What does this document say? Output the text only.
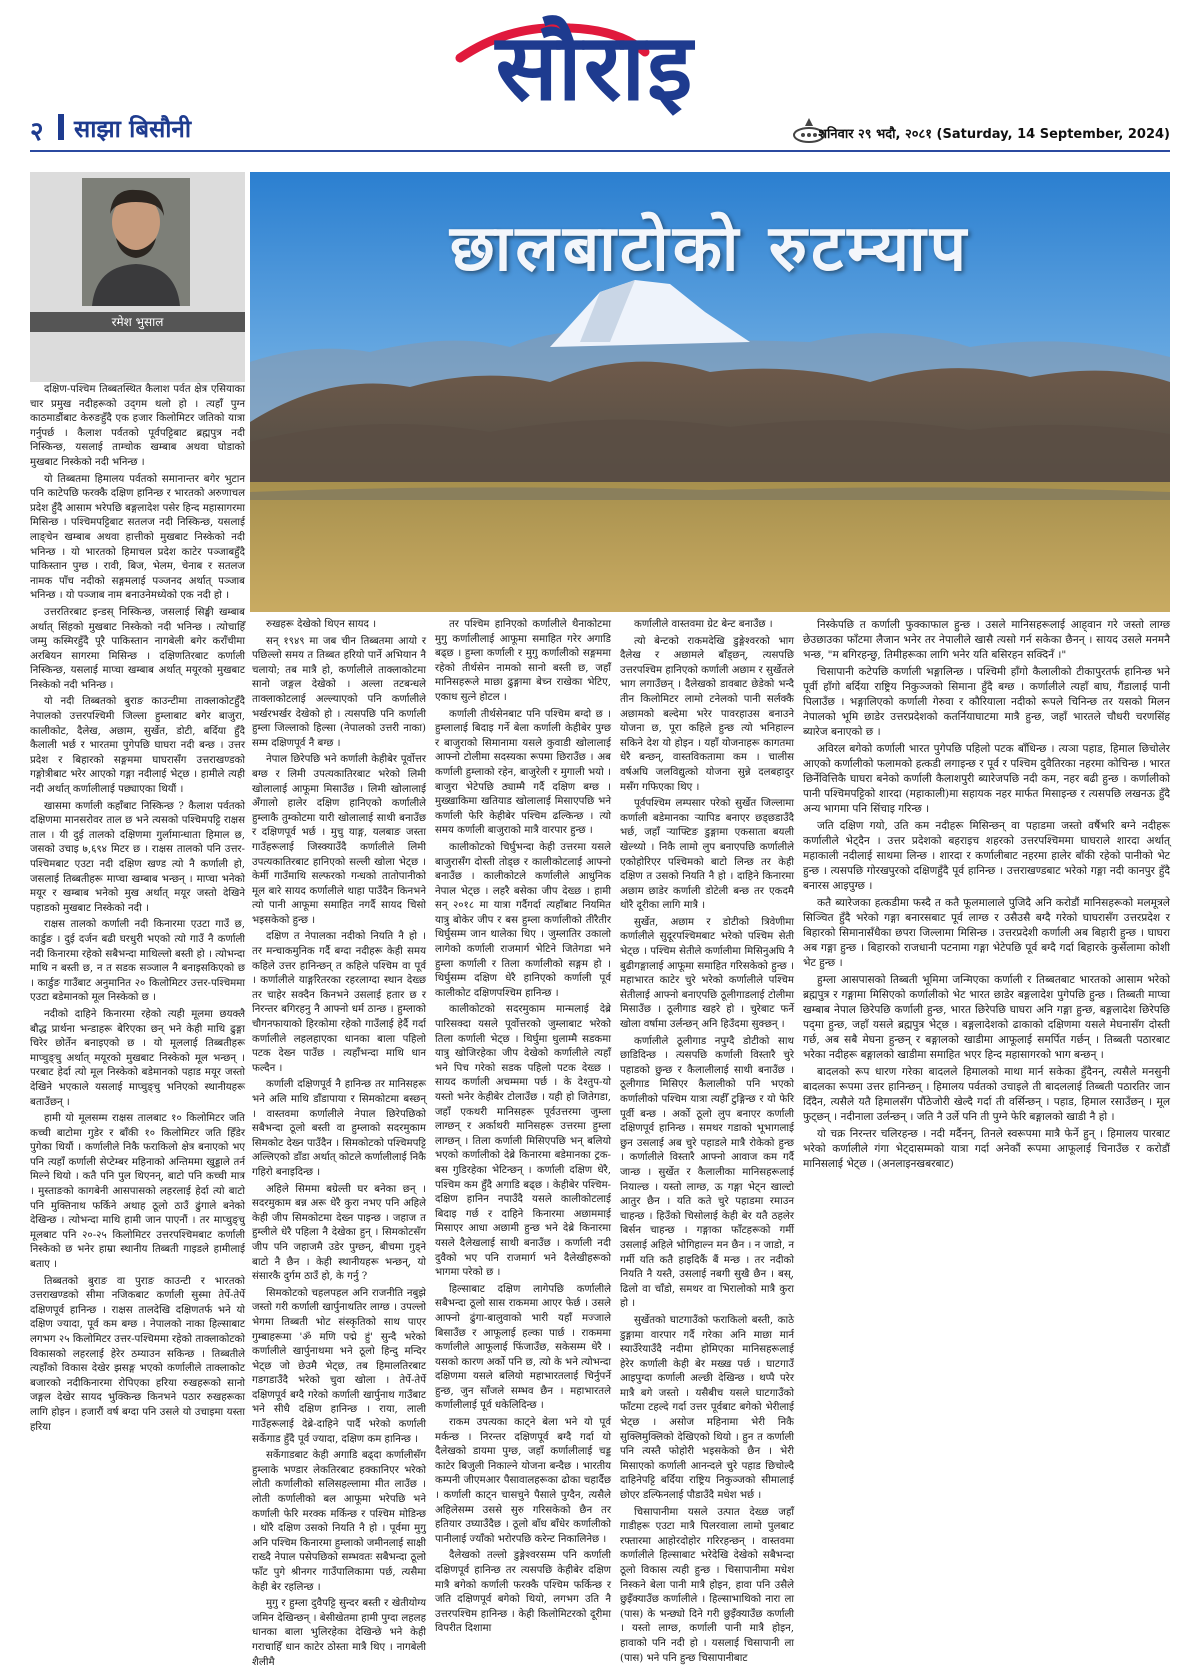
सौराइ
२ साझा बिसौनी	शनिवार २९ भदौ, २०८१ (Saturday, 14 September, 2024)
रमेश भुसाल
छालबाटोको रुटम्याप

दक्षिण-पश्चिम तिब्बतस्थित कैलाश पर्वत क्षेत्र एसियाका चार प्रमुख नदीहरूको उद्‌गम थलो हो । त्यहाँ पुग्न काठमाडौंबाट केरुङहुँदै एक हजार किलोमिटर जतिको यात्रा गर्नुपर्छ । कैलाश पर्वतको पूर्वपट्टिबाट ब्रह्मपुत्र नदी निस्किन्छ, यसलाई ताम्चोक खम्बाब अथवा घोडाको मुखबाट निस्केको नदी भनिन्छ ।

यो तिब्बतमा हिमालय पर्वतको समानान्तर बगेर भुटान पनि काटेपछि फरक्कै दक्षिण हानिन्छ र भारतको अरुणाचल प्रदेश हुँदै आसाम भरेपछि बङ्गलादेश पसेर हिन्द महासागरमा मिसिन्छ । पश्चिमपट्टिबाट सतलज नदी निस्किन्छ, यसलाई लाङ्चेन खम्बाब अथवा हात्तीको मुखबाट निस्केको नदी भनिन्छ । यो भारतको हिमाचल प्रदेश काटेर पञ्जाबहुँदै पाकिस्तान पुग्छ । रावी, बिज, भेलम, चेनाब र सतलज नामक पाँच नदीको सङ्गमलाई पञ्जनद अर्थात् पञ्जाब भनिन्छ । यो पञ्जाब नाम बनाउनेमध्येको एक नदी हो ।

उत्तरतिरबाट इन्डस् निस्किन्छ, जसलाई सिङ्घी खम्बाब अर्थात् सिंहको मुखबाट निस्केको नदी भनिन्छ । त्योचाहिँ जम्मु कस्मिरहुँदै पूरै पाकिस्तान नागबेली बगेर कराँचीमा अरबियन सागरमा मिसिन्छ । दक्षिणतिरबाट कर्णाली निस्किन्छ, यसलाई माप्चा खम्बाब अर्थात् मयूरको मुखबाट निस्केको नदी भनिन्छ ।

यो नदी तिब्बतको बुराङ काउन्टीमा ताक्लाकोटहुँदै नेपालको उत्तरपश्चिमी जिल्ला हुम्लाबाट बगेर बाजुरा, कालीकोट, दैलेख, अछाम, सुर्खेत, डोटी, बर्दिया हुँदै कैलाली भर्छ र भारतमा पुगेपछि घाघरा नदी बन्छ । उत्तर प्रदेश र बिहारको सङ्गममा घाघरासँग उत्तराखण्डको गङ्गोत्रीबाट भरेर आएको गङ्गा नदीलाई भेट्छ । हामीले त्यही नदी अर्थात् कर्णालीलाई पछ्याएका थियौं ।

खासमा कर्णाली कहाँबाट निस्किन्छ ? कैलाश पर्वतको दक्षिणमा मानसरोवर ताल छ भने त्यसको पश्चिमपट्टि राक्षस ताल । यी दुई तालको दक्षिणमा गुर्लामान्धाता हिमाल छ, जसको उचाइ ७,६९४ मिटर छ । राक्षस तालको पनि उत्तर-पश्चिमबाट एउटा नदी दक्षिण खण्ड त्यो नै कर्णाली हो, जसलाई तिब्बतीहरू माप्चा खम्बाब भन्छन् । माप्चा भनेको मयूर र खम्बाब भनेको मुख अर्थात् मयूर जस्तो देखिने पहाडको मुखबाट निस्केको नदी ।

राक्षस तालको कर्णाली नदी किनारमा एउटा गाउँ छ, कार्डुङ । दुई दर्जन बढी घरधुरी भएको त्यो गाउँ नै कर्णाली नदी किनारमा रहेको सबैभन्दा माथिल्लो बस्ती हो । त्योभन्दा माथि न बस्ती छ, न त सडक सञ्जाल नै बनाइसकिएको छ । कार्डुङ गाउँबाट अनुमानित २० किलोमिटर उत्तर-पश्चिममा एउटा बडेमानको मूल निस्केको छ ।

नदीको दाहिने किनारमा रहेको त्यही मूलमा छयक्लै बौद्ध प्रार्थना भन्डाहरू बेरिएका छन् भने केही माथि ढुङ्गा चिरेर छोर्तेन बनाइएको छ । यो मूललाई तिब्बतीहरू माप्चुङ्चु अर्थात् मयूरको मुखबाट निस्केको मूल भन्छन् । परबाट हेर्दा त्यो मूल निस्केको बडेमानको पहाड मयूर जस्तो देखिने भएकाले यसलाई माप्चुङ्चु भनिएको स्थानीयहरू बताउँछन् ।

हामी यो मूलसम्म राक्षस तालबाट १० किलोमिटर जति कच्ची बाटोमा गुडेर र बाँकी १० किलोमिटर जति हिँडेर पुगेका थियौं । कर्णालीले निकै फराकिलो क्षेत्र बनाएको भए पनि त्यहाँ कर्णाली सेप्टेम्बर महिनाको अन्तिममा खुड्डाले तर्न मिल्ने थियो । कतै पनि पुल थिएनन्, बाटो पनि कच्ची मात्र । मुस्ताङको कागबेनी आसपासको लहरलाई हेर्दा त्यो बाटो पनि मुक्तिनाथ फर्किने अथाह ठूलो ठाउँ ढुंगाले बनेको देखिन्छ । त्योभन्दा माथि हामी जान पाएनौं । तर माप्चुङ्चु मूलबाट पनि २०-२५ किलोमिटर उत्तरपश्चिमबाट कर्णाली निस्केको छ भनेर हाम्रा स्थानीय तिब्बती गाइडले हामीलाई बताए ।

तिब्बतको बुराङ वा पुराङ काउन्टी र भारतको उत्तराखण्डको सीमा नजिकबाट कर्णाली सुस्मा तेर्पे-तेर्पे दक्षिणपूर्व हानिन्छ । राक्षस तालदेखि दक्षिणतर्फ भने यो दक्षिण ज्यादा, पूर्व कम बग्छ । नेपालको नाका हिल्साबाट लगभग २५ किलोमिटर उत्तर-पश्चिममा रहेको ताक्लाकोटको विकासको लहरलाई हेरेर ठम्याउन सकिन्छ । तिब्बतीले त्यहाँको विकास देखेर झसङ्ग भएको कर्णालीले ताक्लाकोट बजारको नदीकिनारमा रोपिएका हरिया रुखहरूको सानो जङ्गल देखेर सायद भुक्किन्छ किनभने पठार रुखहरूका लागि होइन । हजारौं वर्ष बग्दा पनि उसले यो उचाइमा यस्ता हरिया

रुखहरू देखेको थिएन सायद ।

सन् १९४९ मा जब चीन तिब्बतमा आयो र पछिल्लो समय त तिब्बत हरियो पार्ने अभियान नै चलायो; तब मात्रै हो, कर्णालीले ताक्लाकोटमा सानो जङ्गल देखेको । अल्ला तटबन्धले ताक्लाकोटलाई अल्ल्याएको पनि कर्णालीले भर्खरभर्खर देखेको हो । त्यसपछि पनि कर्णाली हुम्ला जिल्लाको हिल्सा (नेपालको उत्तरी नाका) सम्म दक्षिणपूर्व नै बग्छ ।

नेपाल छिरेपछि भने कर्णाली केहीबेर पूर्वोत्तर बग्छ र लिमी उपत्यकातिरबाट भरेको लिमी खोलालाई आफूमा मिसाउँछ । लिमी खोलालाई अँगालो हालेर दक्षिण हानिएको कर्णालीले हुम्लाकै तुम्कोटमा यारी खोलालाई साथी बनाउँछ र दक्षिणपूर्व भर्छ । मुचु याङ्ग, यलबाङ जस्ता गाउँहरूलाई जिस्क्याउँदै कर्णालीले लिमी उपत्यकातिरबाट हानिएको सल्ली खोला भेट्छ । केर्मी गाउँमाथि सल्फरको गन्धको तातोपानीको मूल बारे सायद कर्णालीले थाहा पाउँदैन किनभने त्यो पानी आफूमा समाहित नगर्दै सायद चिसो भइसकेको हुन्छ ।

दक्षिण त नेपालका नदीको नियति नै हो । तर मन्चाकमुनिक गर्दै बग्दा नदीहरू केही समय कहिले उत्तर हानिन्छन् त कहिले पश्चिम वा पूर्व । कर्णालीले याङ्गरितरका रहरलाग्दा स्थान देख्छ तर चाहेर सक्दैन किनभने उसलाई हतार छ र निरन्तर बगिरहनु नै आफ्नो धर्म ठान्छ । हुम्लाको चौगनफायाको हिरकोमा रहेको गाउँलाई हेर्दै गर्दा कर्णालीले लहलहाएका धानका बाला पहिलो पटक देख्न पाउँछ । त्यहाँभन्दा माथि धान फल्दैन ।

कर्णाली दक्षिणपूर्व नै हानिन्छ तर मानिसहरू भने अलि माथि डाँडापाया र सिमकोटमा बस्छन् । वास्तवमा कर्णालीले नेपाल छिरेपछिको सबैभन्दा ठूलो बस्ती वा हुम्लाको सदरमुकाम सिमकोट देख्न पाउँदैन । सिमकोटको पश्चिमपट्टि अल्लिएको डाँडा अर्थात् कोटले कर्णालीलाई निकै गहिरो बनाइदिन्छ ।

अहिले सिममा बग्रेल्ती घर बनेका छन् । सदरमुकाम बन्न अरू धेरै कुरा नभए पनि अहिले केही जीप सिमकोटमा देख्न पाइन्छ । जहाज त हुम्लीले धेरै पहिला नै देखेका हुन् । सिमकोटसँग जीप पनि जहाजमै उडेर पुग्छन्, बीचमा गुड्ने बाटो नै छैन । केही स्थानीयहरू भन्छन्, यो संसारकै दुर्गम ठाउँ हो, के गर्नु ?

सिमकोटको चहलपहल अनि राजनीति नबुझे जस्तो गरी कर्णाली खार्पुनाथतिर लाग्छ । उपल्लो भेगमा तिब्बती भोट संस्कृतिको साथ पाएर गुम्बाहरूमा 'ॐ मणि पद्मे हुं' सुन्दै भरेको कर्णालीले खार्पुनाथमा भने ठूलो हिन्दु मन्दिर भेट्छ जो छेउमै भेट्छ, तब हिमालतिरबाट गडगडाउँदै भरेको चुवा खोला । तेर्पे-तेर्पे दक्षिणपूर्व बग्दै गरेको कर्णाली खार्पुनाथ गाउँबाट भने सीधै दक्षिण हानिन्छ । राया, लाली गाउँहरूलाई देब्रे-दाहिने पार्दै भरेको कर्णाली सर्केगाड हुँदै पूर्व ज्यादा, दक्षिण कम हानिन्छ ।

सर्केगाडबाट केही अगाडि बढ्दा कर्णालीसँग हुम्लाके भण्डार लेकतिरबाट हक्कानिएर भरेको लोती कर्णालीको सलिसहल्लामा मीत लाउँछ । लोती कर्णालीको बल आफूमा भरेपछि भने कर्णाली फेरि मरक्क मर्किन्छ र पश्चिम मोडिन्छ । थोरै दक्षिण उसको नियति नै हो । पूर्वमा मुगु अनि पश्चिम किनारमा हुम्लाको जमीनलाई साक्षी राख्दै नेपाल पसेपछिको सम्भवतः सबैभन्दा ठूलो फाँट पुगे श्रीनगर गाउँपालिकामा पर्छ, त्यसैमा केही बेर रहलिन्छ ।

मुगु र हुम्ला दुवैपट्टि सुन्दर बस्ती र खेतीयोग्य जमिन देखिन्छन् । बेसीखेतमा हामी पुग्दा लहलह धानका बाला भुलिरहेका देखिन्छे भने केही गराचाहिँ धान काटेर ठोस्ता मात्रै थिए । नागबेली शैलीमै

तर पश्चिम हानिएको कर्णालीले थैनाकोटमा मुगु कर्णालीलाई आफूमा समाहित गरेर अगाडि बढ्छ । हुम्ला कर्णाली र मुगु कर्णालीको सङ्गममा रहेको तीर्थसेन नामको सानो बस्ती छ, जहाँ मानिसहरूले माछा ढुङ्गामा बेच्न राखेका भेटिए, एकाध सुत्ने होटल ।

कर्णाली तीर्थसेनबाट पनि पश्चिम बग्दो छ । हुम्लालाई बिदाइ गर्ने बेला कर्णाली केहीबेर पुग्छ र बाजुराको सिमानामा यसले कुवाडी खोलालाई आफ्नो टोलीमा सदस्यका रूपमा छिराउँछ । अब कर्णाली हुम्लाको रहेन, बाजुरेली र मुगाली भयो । बाजुरा भेटेपछि ठ्याम्मै गर्दै दक्षिण बग्छ । मुख्खाकिमा खतियाड खोलालाई मिसाएपछि भने कर्णाली फेरि केहीबेर पश्चिम ढल्किन्छ । त्यो समय कर्णाली बाजुराको मात्रै वारपार हुन्छ ।

कालीकोटको चिर्घुभन्दा केही उत्तरमा यसले बाजुरासँग दोस्ती तोड्छ र कालीकोटलाई आफ्नो बनाउँछ । कालीकोटले कर्णालीले आधुनिक नेपाल भेट्छ । लहरै बसेका जीप देख्छ । हामी सन् २०१८ मा यात्रा गर्दैगर्दा त्यहाँबाट नियमित यात्रु बोकेर जीप र बस हुम्ला कर्णालीको तीरैतीर थिर्घुसम्म जान थालेका थिए । जुम्लातिर उकालो लागेको कर्णाली राजमार्ग भेटिने जितेगडा भने हुम्ला कर्णाली र तिला कर्णालीको सङ्गम हो । थिर्घुसम्म दक्षिण धेरै हानिएको कर्णाली पूर्व कालीकोट दक्षिणपश्चिम हानिन्छ ।

कालीकोटको सदरमुकाम मान्मलाई देब्रे पारिसक्दा यसले पूर्वोत्तरको जुम्लाबाट भरेको तिला कर्णाली भेट्छ । थिर्घुमा धुलाम्मै सडकमा यात्रु खोजिरहेका जीप देखेको कर्णालीले त्यहाँ भने पिच गरेको सडक पहिलो पटक देख्छ । सायद कर्णाली अचम्ममा पर्छ । के देश्तुप-यो यस्तो भनेर केहीबेर टोलाउँछ । यही हो जितेगडा, जहाँ एकथरी मानिसहरू पूर्वउत्तरमा जुम्ला लाग्छन् र अर्काथरी मानिसहरू उत्तरमा हुम्ला लाग्छन् । तिला कर्णाली मिसिएपछि भन् बलियो भएको कर्णालीको देब्रे किनारमा बडेमानका ट्रक-बस गुडिरहेका भेटिन्छन् । कर्णाली दक्षिण धेरै, पश्चिम कम हुँदै अगाडि बढ्छ । केहीबेर पश्चिम-दक्षिण हानिन नपाउँदै यसले कालीकोटलाई बिदाइ गर्छ र दाहिने किनारमा अछाममाई मिसाएर आधा अछामी हुन्छ भने देब्रे किनारमा यसले दैलेखलाई साथी बनाउँछ । कर्णाली नदी दुवैको भए पनि राजमार्ग भने दैलेखीहरूको भागमा परेको छ ।

हिल्साबाट दक्षिण लागेपछि कर्णालीले सबैभन्दा ठूलो सास राकममा आएर फेर्छ । उसले आफ्नो ढुंगा-बालुवाको भारी यहाँ मज्जाले बिसाउँछ र आफूलाई हल्का पार्छ । राकममा कर्णालीले आफूलाई फिंजाउँछ, सकेसम्म धेरै । यसको कारण अर्को पनि छ, त्यो के भने त्योभन्दा दक्षिणमा यसले बलियो महाभारतलाई चिर्नुपर्ने हुन्छ, जुन साँजले सम्भव छैन । महाभारतले कर्णालीलाई पूर्व धकेलिदिन्छ ।

राकम उपत्यका काट्ने बेला भने यो पूर्व मर्कन्छ । निरन्तर दक्षिणपूर्व बग्दै गर्दा यो दैलेखको डायमा पुग्छ, जहाँ कर्णालीलाई चड्ड काटेर बिजुली निकाल्ने योजना बन्दैछ । भारतीय कम्पनी जीएमआर पैसावालहरूका ढोका चहार्दैछ । कर्णाली काट्न चासचुने पैसाले पुग्दैन, त्यसैले अहिलेसम्म उससे सुरु गरिसकेको छैन तर हतियार उघ्याउँदैछ । ठूलो बाँध बाँधेर कर्णालीको पानीलाई ज्याँको भरोरपछि करेन्ट निकालिनेछ ।

दैलेखको तल्लो डुङ्गेश्वरसम्म पनि कर्णाली दक्षिणपूर्व हानिन्छ तर त्यसपछि केहीबेर दक्षिण मात्रै बगेको कर्णाली फरक्कै पश्चिम फर्किन्छ र जति दक्षिणपूर्व बगेको थियो, लगभग उति नै उत्तरपश्चिम हानिन्छ । केही किलोमिटरको दूरीमा विपरीत दिशामा

कर्णालीले वास्तवमा ग्रेट बेन्ट बनाउँछ ।

त्यो बेन्टको राकमदेखि डुङ्गेश्वरको भाग दैलेख र अछामले बाँड्छन्, त्यसपछि उत्तरपश्चिम हानिएको कर्णाली अछाम र सुर्खेतले भाग लगाउँछन् । दैलेखको डावबाट छेडेको भन्दै तीन किलोमिटर लामो टनेलको पानी सर्लक्कै अछामको बल्देमा भरेर पावरहाउस बनाउने योजना छ, पूरा कहिले हुन्छ त्यो भनिहाल्न सकिने देश यो होइन । यहाँ योजनाहरू कागतमा धेरै बन्छन्, वास्तविकतामा कम । चालीस वर्षअघि जलविद्युत्को योजना सुन्ने दलबहादुर मसँग गफिएका थिए ।

पूर्वपश्चिम लम्पसार परेको सुर्खेत जिल्लामा कर्णाली बडेमानका ऱ्यापिड बनाएर छड्‍छडाउँदै भर्छ, जहाँ ऱ्याफ्टिङ डुङ्गामा एकसाता बयली खेल्थ्यो । निकै लामो लुप बनाएपछि कर्णालीले एकोहोरिएर पश्चिमको बाटो लिन्छ तर केही दक्षिण त उसको नियति नै हो । दाहिने किनारमा अछाम छाडेर कर्णाली डोटेली बन्छ तर एकदमै थोरै दूरीका लागि मात्रै ।

सुर्खेत, अछाम र डोटीको त्रिवेणीमा कर्णालीले सुदूरपश्चिमबाट भरेको पश्चिम सेती भेट्छ । पश्चिम सेतीले कर्णालीमा मिसिनुअघि नै बुढीगङ्गालाई आफूमा समाहित गरिसकेको हुन्छ । महाभारत काटेर चुरे भरेको कर्णालीले पश्चिम सेतीलाई आफ्नो बनाएपछि ठूलीगाडलाई टोलीमा मिसाउँछ । ठूलीगाड खहरे हो । चुरेबाट फर्ने खोला वर्षामा उर्लन्छन् अनि हिउँदमा सुक्छन् ।

कर्णालीले ठूलीगाड नपुग्दै डोटीको साथ छाडिदिन्छ । त्यसपछि कर्णाली विस्तारै चुरे पहाडको छुन्छ र कैलालीलाई साथी बनाउँछ । ठूलीगाड मिसिएर कैलालीको पनि भएको कर्णालीको पश्चिम यात्रा त्यहीँ टुङ्गिन्छ र यो फेरि पूर्वी बन्छ । अर्को ठूलो लुप बनाएर कर्णाली दक्षिणपूर्व हानिन्छ । समथर गडाको भूभागलाई छुन उसलाई अब चुरे पहाडले मात्रै रोकेको हुन्छ । कर्णालीले विस्तारै आफ्नो आवाज कम गर्दै जान्छ । सुर्खेत र कैलालीका मानिसहरूलाई नियाल्छ । यस्तो लाग्छ, ऊ गङ्गा भेट्न खाल्टो आतुर छैन । यति कते चुरे पहाडमा रमाउन चाहन्छ । हिउँको चिसोलाई केही बेर यतै ठहलेर बिर्सन चाहन्छ । गङ्गाका फाँटहरूको गर्मी उसलाई अहिले भोगिहाल्न मन छैन । न जाडो, न गर्मी यति कतै हाइदिकैं बैं मन्छ । तर नदीको नियति नै यस्तै, उसलाई नबगी सुखै छैन । बस्, ढिलो वा चाँडो, समथर वा भिरालोको मात्रै कुरा हो ।

सुर्खेतको घाटगाउँको फराकिलो बस्ती, काठे डुङ्गामा वारपार गर्दै गरेका अनि माछा मार्न स्याउँरेयाउँदै नदीमा होमिएका मानिसहरूलाई हेरेर कर्णाली केही बेर मख्ख पर्छ । घाटगाउँ आइपुग्दा कर्णाली अल्छी देखिन्छ । थप्पै परेर मात्रै बगे जस्तो । यसैबीच यसले घाटगाउँको फाँटमा टहल्दे गर्दा उत्तर पूर्वबाट बगेको भेरीलाई भेट्छ । असोज महिनामा भेरी निकै सुक्लिमुक्लिको देखिएको थियो । हुन त कर्णाली पनि त्यस्तै फोहोरी भइसकेको छैन । भेरी मिसाएको कर्णाली आनन्दले चुरे पहाड छिचोल्दै दाहिनेपट्टि बर्दिया राष्ट्रिय निकुञ्जको सीमालाई छोएर डल्फिनलाई पौडाउँदै मधेश भर्छ ।

चिसापानीमा यसले उत्पात देख्छ जहाँ गाडीहरू एउटा मात्रै पिलरवाला लामो पुलबाट रफ्तारमा आहोरदोहोर गरिरहन्छन् । वास्तवमा कर्णालीले हिल्साबाट भरेदेखि देखेको सबैभन्दा ठूलो विकास त्यही हुन्छ । चिसापानीमा मधेश निस्कने बेला पानी मात्रै होइन, हावा पनि उसैले छुइँक्याउँछ कर्णालीले । हिल्साभाथिको नारा ला (पास) के भन्छ्यो दिने गरी छुइँक्याउँछ कर्णाली । यस्तो लाग्छ, कर्णाली पानी मात्रै होइन, हावाको पनि नदी हो । यसलाई चिसापानी ला (पास) भने पनि हुन्छ चिसापानीबाट

निस्केपछि त कर्णाली फुक्काफाल हुन्छ । उसले मानिसहरूलाई आह्‌वान गरे जस्तो लाग्छ छेउछाउका फाँटमा लैजान भनेर तर नेपालीले खासै त्यसो गर्न सकेका छैनन् । सायद उसले मनमनै भन्छ, "म बगिरहन्छु, तिमीहरूका लागि भनेर यति बसिरहन सक्दिनँ ।"

चिसापानी कटेपछि कर्णाली भङ्गालिन्छ । पश्चिमी हाँगो कैलालीको टीकापुरतर्फ हानिन्छ भने पूर्वी हाँगो बर्दिया राष्ट्रिय निकुञ्जको सिमाना हुँदै बग्छ । कर्णालीले त्यहाँ बाघ, गैंडालाई पानी पिलाउँछ । भङ्गालिएको कर्णाली गेरुवा र कौरियाला नदीको रूपले चिनिन्छ तर यसको मिलन नेपालको भूमि छाडेर उत्तरप्रदेशको कतर्नियाघाटमा मात्रै हुन्छ, जहाँ भारतले चौधरी चरणसिंह ब्यारेज बनाएको छ ।

अविरल बगेको कर्णाली भारत पुगेपछि पहिलो पटक बाँधिन्छ । त्यञा पहाड, हिमाल छिचोलेर आएको कर्णालीको फलामको हत्कडी लगाइन्छ र पूर्व र पश्चिम दुवैतिरका नहरमा कोचिन्छ । भारत छिर्नेवित्तिकै घाघरा बनेको कर्णाली कैलाशपुरी ब्यारेजपछि नदी कम, नहर बढी हुन्छ । कर्णालीको पानी पश्चिमपट्टिको शारदा (महाकाली)मा सहायक नहर मार्फत मिसाइन्छ र त्यसपछि लखनऊ हुँदै अन्य भागमा पनि सिंचाइ गरिन्छ ।

जति दक्षिण गयो, उति कम नदीहरू मिसिन्छन् वा पहाडमा जस्तो वर्षैभरि बग्ने नदीहरू कर्णालीले भेट्दैन । उत्तर प्रदेशको बहराइच शहरको उत्तरपश्चिममा घाघराले शारदा अर्थात् महाकाली नदीलाई साथमा लिन्छ । शारदा र कर्णालीबाट नहरमा हालेर बाँकी रहेको पानीको भेट हुन्छ । त्यसपछि गोरखपुरको दक्षिणहुँदै पूर्व हानिन्छ । उत्तराखण्डबाट भरेको गङ्गा नदी कानपुर हुँदै बनारस आइपुग्छ ।

कतै ब्यारेजका हत्कडीमा फस्दै त कतै फूलमालाले पुजिदै अनि करोडौं मानिसहरूको मलमूत्रले सिञ्चित हुँदै भरेको गङ्गा बनारसबाट पूर्व लाग्छ र उसैउसै बग्दै गरेको घाघरासँग उत्तरप्रदेश र बिहारको सिमानासँधैका छपरा जिल्लामा मिसिन्छ । उत्तरप्रदेशी कर्णाली अब बिहारी हुन्छ । घाघरा अब गङ्गा हुन्छ । बिहारको राजधानी पटनामा गङ्गा भेटेपछि पूर्व बग्दै गर्दा बिहारके कुर्सेलामा कोशी भेट हुन्छ ।

हुम्ला आसपासको तिब्बती भूमिमा जन्मिएका कर्णाली र तिब्बतबाट भारतको आसाम भरेको ब्रह्मपुत्र र गङ्गामा मिसिएको कर्णालीको भेट भारत छाडेर बङ्गलादेश पुगेपछि हुन्छ । तिब्बती माप्चा खम्बाब नेपाल छिरेपछि कर्णाली हुन्छ, भारत छिरेपछि घाघरा अनि गङ्गा हुन्छ, बङ्गलादेश छिरेपछि पद्‌मा हुन्छ, जहाँ यसले ब्रह्मपुत्र भेट्छ । बङ्गलादेशको ढाकाको दक्षिणमा यसले मेघनासँग दोस्ती गर्छ, अब सबै मेघना हुन्छन् र बङ्गालको खाडीमा आफूलाई समर्पित गर्छन् । तिब्बती पठारबाट भरेका नदीहरू बङ्गालको खाडीमा समाहित भएर हिन्द महासागरको भाग बन्छन् ।

बादलको रूप धारण गरेका बादलले हिमालको माथा मार्न सकेका हुँदैनन्, त्यसैले मनसुनी बादलका रूपमा उत्तर हानिन्छन् । हिमालय पर्वतको उचाइले ती बादललाई तिब्बती पठारतिर जान दिँदैन, त्यसैले यतै हिमालसँग पौंठेजोरी खेल्दै गर्दा ती वर्सिन्छन् । पहाड, हिमाल रसाउँछन् । मूल फुट्छन् । नदीनाला उर्लन्छन् । जति नै उर्ले पनि ती पुग्ने फेरि बङ्गालको खाडी नै हो ।

यो चक्र निरन्तर चलिरहन्छ । नदी मर्दैनन्, तिनले स्वरूपमा मात्रै फेर्ने हुन् । हिमालय पारबाट भरेको कर्णालीले गंगा भेट्दासम्मको यात्रा गर्दा अनेकौं रूपमा आफूलाई चिनाउँछ र करोडौं मानिसलाई भेट्छ । (अनलाइनखबरबाट)
